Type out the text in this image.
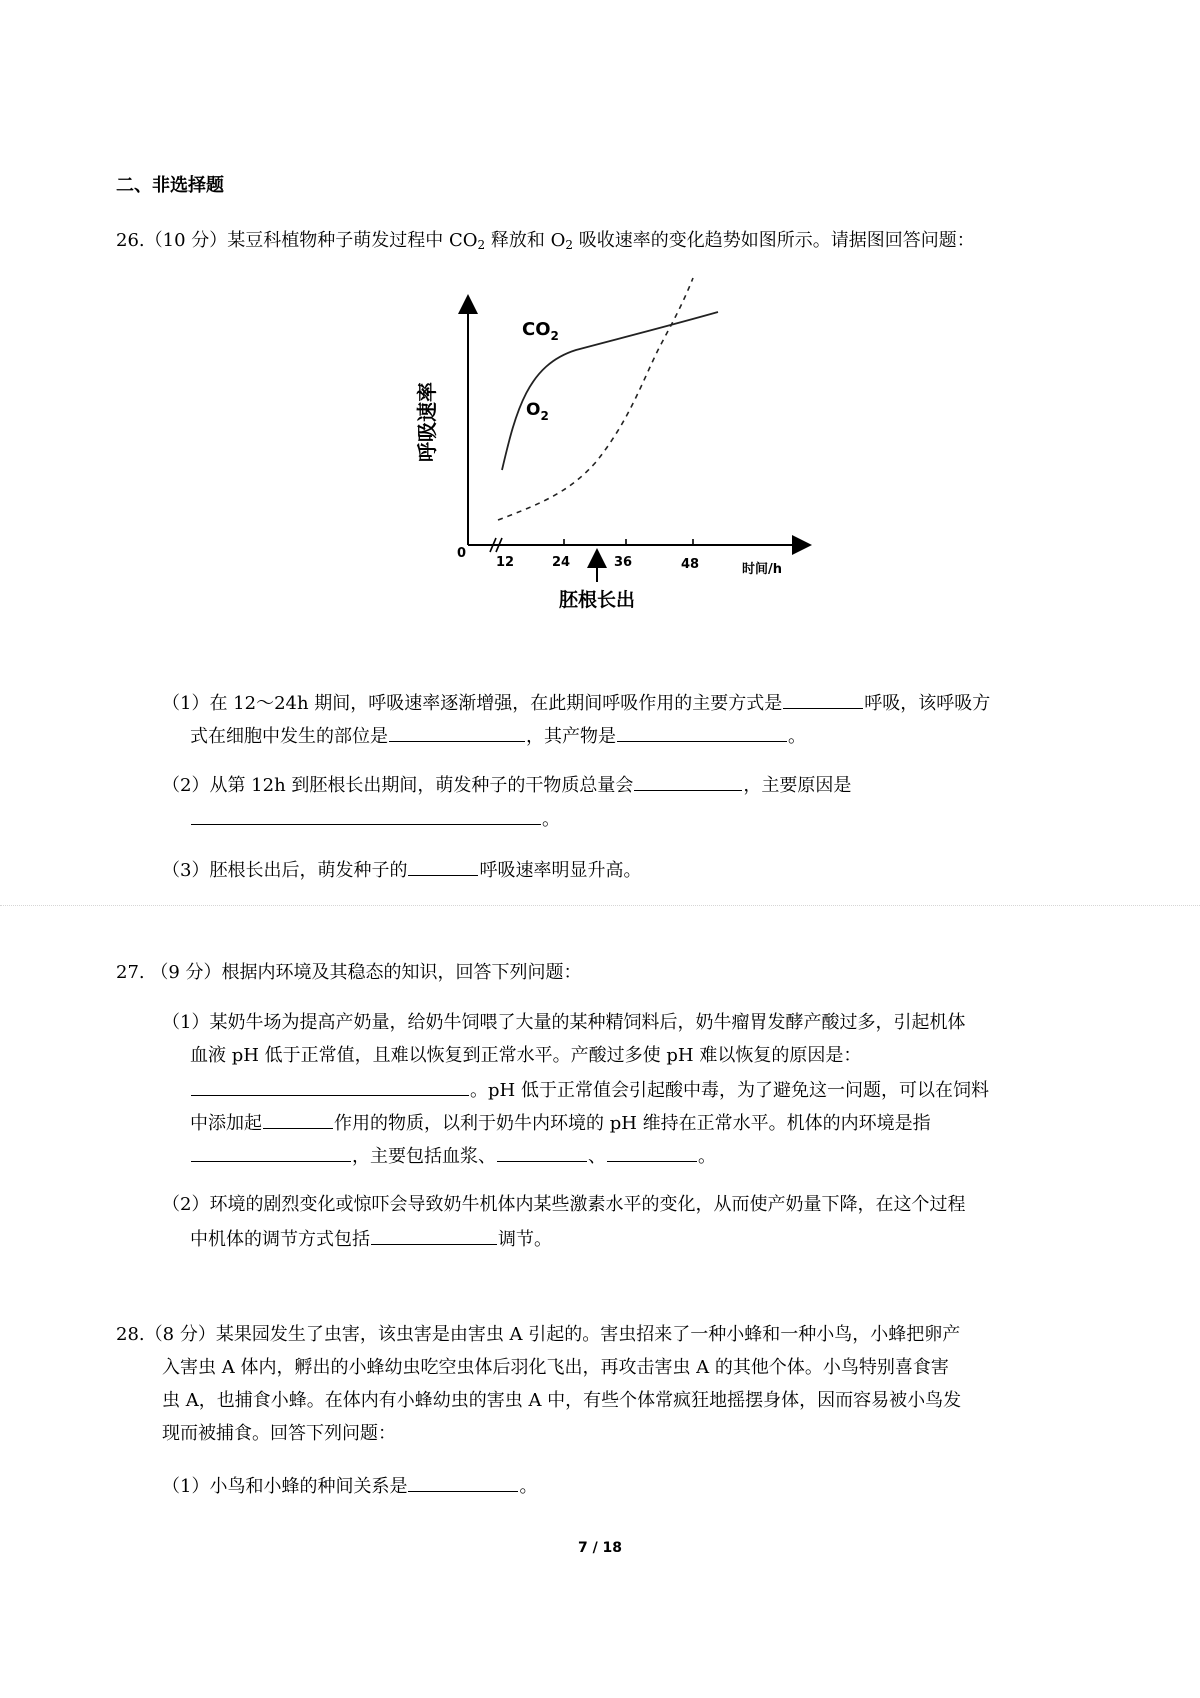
二、非选择题
26.（10 分）某豆科植物种子萌发过程中 $CO_2$ 释放和 $O_2$ 吸收速率的变化趋势如图所示。请据图回答问题：
$CO_2$
$O_2$
呼吸速率
0
12	24	36	48	时间/h
胚根长出
（1）在 12～24h 期间，呼吸速率逐渐增强，在此期间呼吸作用的主要方式是	呼吸，该呼吸方
式在细胞中发生的部位是	，其产物是	。
（2）从第 12h 到胚根长出期间，萌发种子的干物质总量会	，主要原因是
。
（3）胚根长出后，萌发种子的	呼吸速率明显升高。
27. （9 分）根据内环境及其稳态的知识，回答下列问题：
（1）某奶牛场为提高产奶量，给奶牛饲喂了大量的某种精饲料后，奶牛瘤胃发酵产酸过多，引起机体
血液 pH 低于正常值，且难以恢复到正常水平。产酸过多使 pH 难以恢复的原因是：
。pH 低于正常值会引起酸中毒，为了避免这一问题，可以在饲料
中添加起	作用的物质，以利于奶牛内环境的 pH 维持在正常水平。机体的内环境是指
，主要包括血浆、	、	。
（2）环境的剧烈变化或惊吓会导致奶牛机体内某些激素水平的变化，从而使产奶量下降，在这个过程
中机体的调节方式包括	调节。
28.（8 分）某果园发生了虫害，该虫害是由害虫 A 引起的。害虫招来了一种小蜂和一种小鸟，小蜂把卵产
入害虫 A 体内，孵出的小蜂幼虫吃空虫体后羽化飞出，再攻击害虫 A 的其他个体。小鸟特别喜食害
虫 A，也捕食小蜂。在体内有小蜂幼虫的害虫 A 中，有些个体常疯狂地摇摆身体，因而容易被小鸟发
现而被捕食。回答下列问题：
（1）小鸟和小蜂的种间关系是	。
7 / 18
